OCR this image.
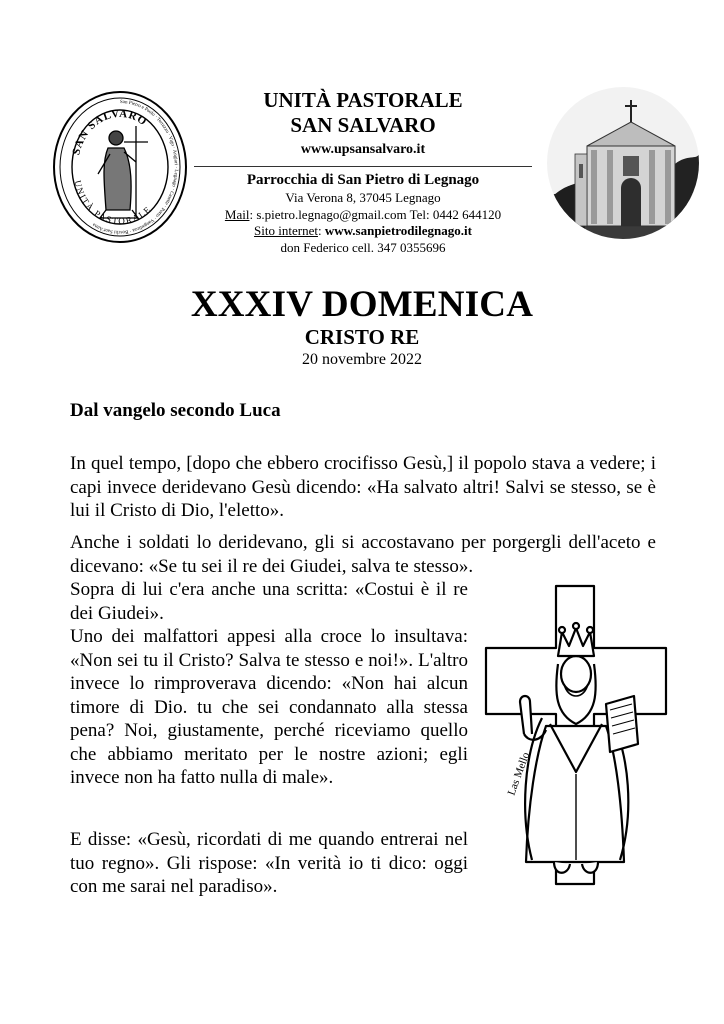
San Pietro e Paolo · Terrazzo · Vigo · Angiari · Legnago · Casette · Porto · Vangadizza · Boschi Sant'Anna
SAN SALVARO
UNITÀ PASTORALE
UNITÀ PASTORALE
SAN SALVARO
www.upsansalvaro.it
Parrocchia di San Pietro di Legnago
Via Verona 8, 37045 Legnago
Mail: s.pietro.legnago@gmail.com Tel: 0442 644120
Sito internet: www.sanpietrodilegnago.it
don Federico cell. 347 0355696
XXXIV DOMENICA
CRISTO RE
20 novembre 2022
Dal vangelo secondo Luca
In quel tempo, [dopo che ebbero crocifisso Gesù,] il popolo stava a vedere; i capi invece deridevano Gesù dicendo: «Ha salvato altri! Salvi se stesso, se è lui il Cristo di Dio, l'eletto».
Anche i soldati lo deridevano, gli si accostavano per porgergli dell'aceto e dicevano: «Se tu sei il re dei Giudei, salva te stesso».
Sopra di lui c'era anche una scritta: «Costui è il re dei Giudei».
Uno dei malfattori appesi alla croce lo insultava: «Non sei tu il Cristo? Salva te stesso e noi!». L'altro invece lo rimproverava dicendo: «Non hai alcun timore di Dio. tu che sei condannato alla stessa pena? Noi, giustamente, perché riceviamo quello che abbiamo meritato per le nostre azioni; egli invece non ha fatto nulla di male».
E disse: «Gesù, ricordati di me quando entrerai nel tuo regno». Gli rispose: «In verità io ti dico: oggi con me sarai nel paradiso».
Las Mello
